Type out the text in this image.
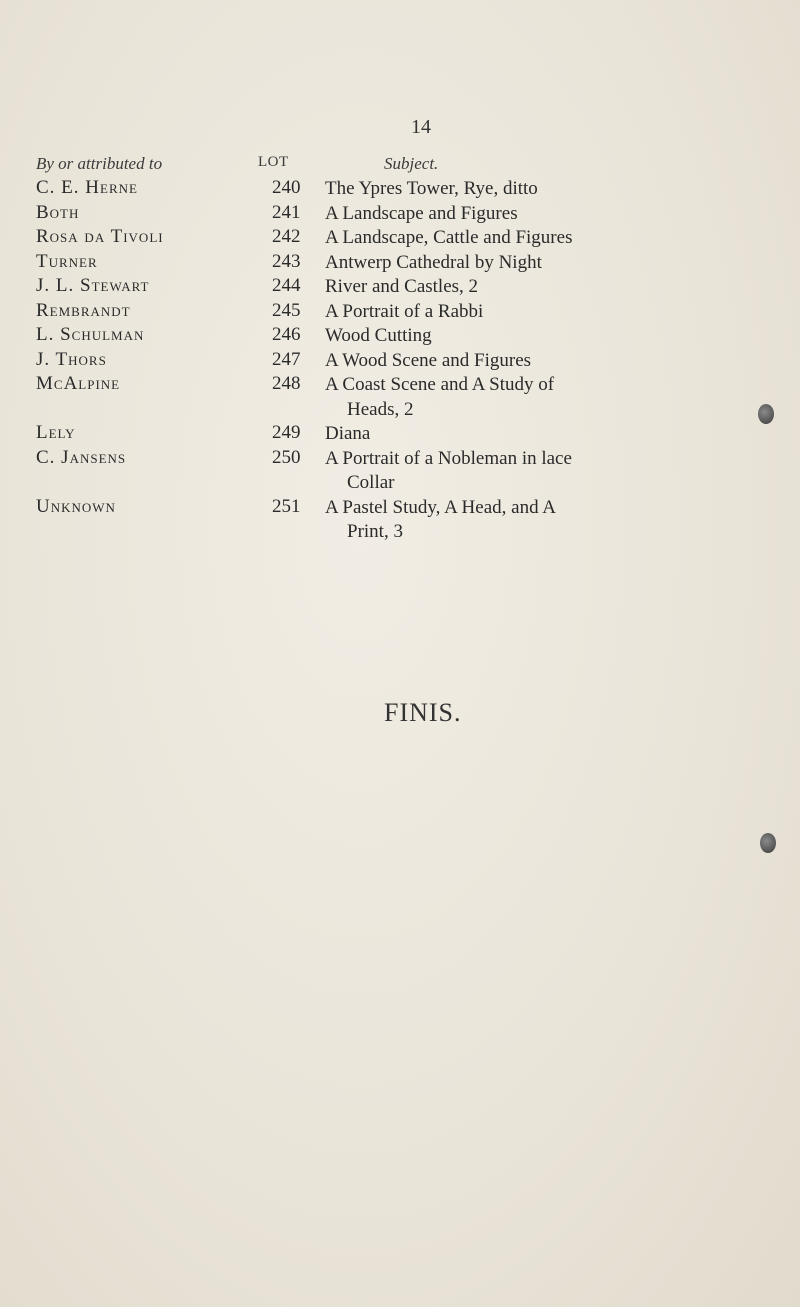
14
By or attributed to	LOT	Subject.
C. E. Herne	240 The Ypres Tower, Rye, ditto
Both	241 A Landscape and Figures
Rosa da Tivoli	242 A Landscape, Cattle and Figures
Turner	243 Antwerp Cathedral by Night
J. L. Stewart	244 River and Castles, 2
Rembrandt	245 A Portrait of a Rabbi
L. Schulman	246 Wood Cutting
J. Thors	247 A Wood Scene and Figures
McAlpine	248 A Coast Scene and A Study of
Heads, 2
Lely	249 Diana
C. Jansens	250 A Portrait of a Nobleman in lace
Collar
Unknown	251 A Pastel Study, A Head, and A
Print, 3
FINIS.
